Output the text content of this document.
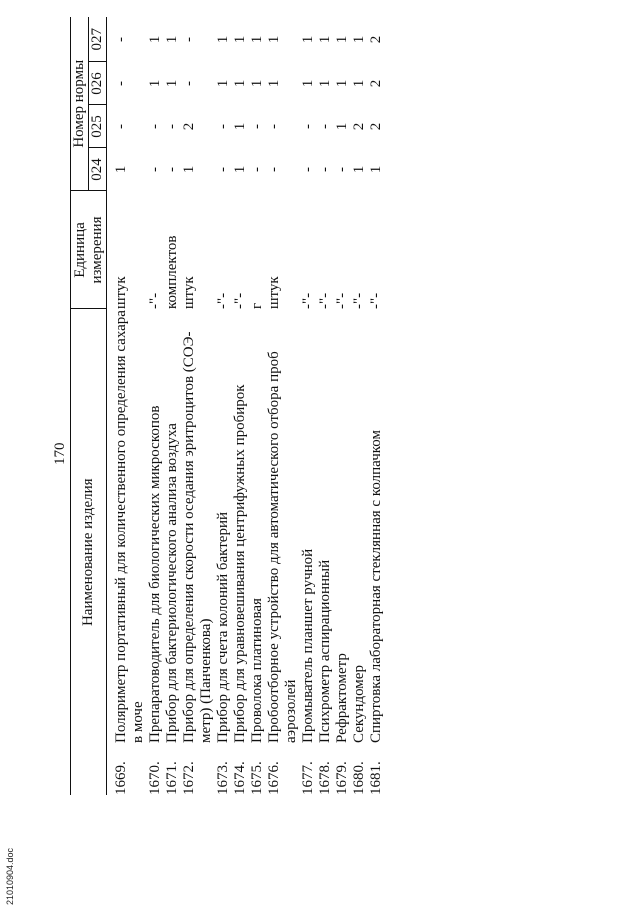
21010904.doc
170
Наименование изделия		Единица измерения	Номер нормы			
			024	025	026	027
1669.	Поляриметр портативный для количественного определения сахара в моче	штук	1	-	-	-
1670.	Препаратоводитель для биологических микроскопов	-"-	-	-	1	1
1671.	Прибор для бактериологического анализа воздуха	комплектов	-	-	1	1
1672.	Прибор для определения скорости оседания эритроцитов (СОЭ-метр) (Панченкова)	штук	1	2	-	-
1673.	Прибор для счета колоний бактерий	-"-	-	-	1	1
1674.	Прибор для уравновешивания центрифужных пробирок	-"-	1	1	1	1
1675.	Проволока платиновая	г	-	-	1	1
1676.	Пробоотборное устройство для автоматического отбора проб аэрозолей	штук	-	-	1	1
1677.	Промыватель планшет ручной	-"-	-	-	1	1
1678.	Психрометр аспирационный	-"-	-	-	1	1
1679.	Рефрактометр	-"-	-	1	1	1
1680.	Секундомер	-"-	1	2	1	1
1681.	Спиртовка лабораторная стеклянная с колпачком	-"-	1	2	2	2
